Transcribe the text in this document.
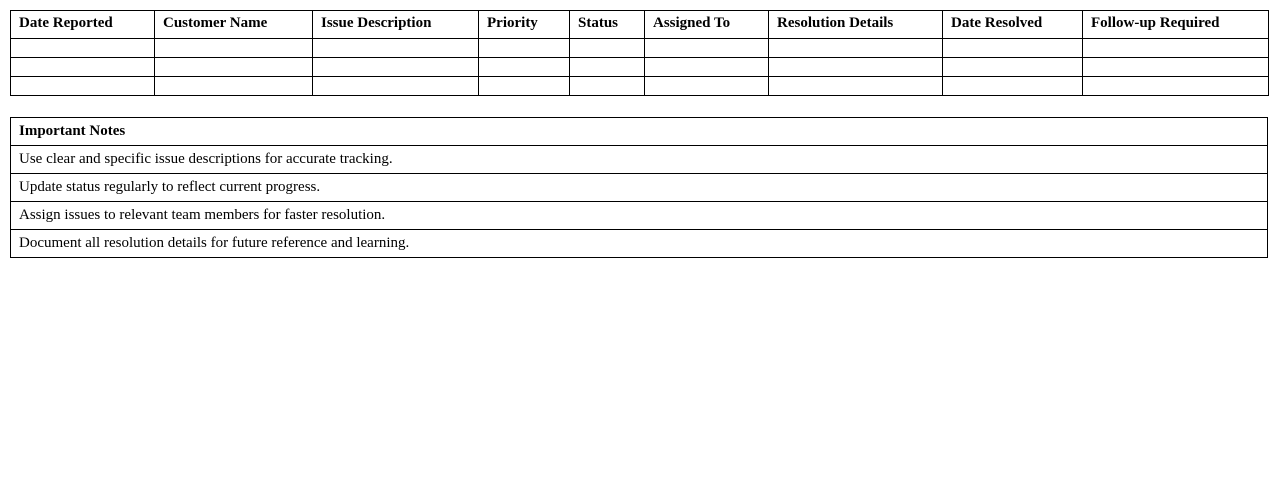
Date Reported	Customer Name	Issue Description	Priority	Status	Assigned To	Resolution Details	Date Resolved	Follow-up Required

Important Notes
Use clear and specific issue descriptions for accurate tracking.
Update status regularly to reflect current progress.
Assign issues to relevant team members for faster resolution.
Document all resolution details for future reference and learning.
